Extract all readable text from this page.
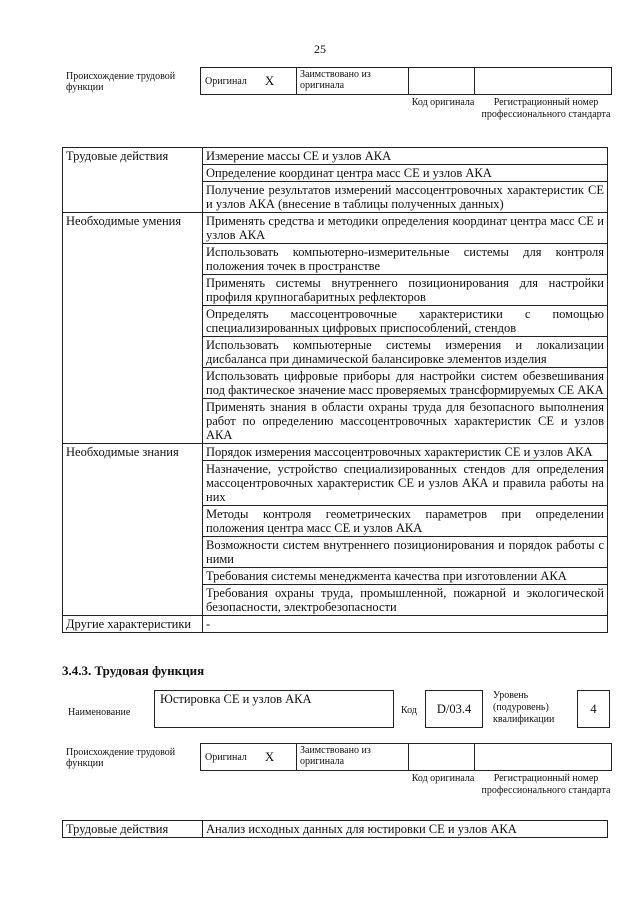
25
Происхождение трудовой функции
Оригинал X	Заимствовано из оригинала
Код оригинала	Регистрационный номер профессионального стандарта
Трудовые действия	Измерение массы СЕ и узлов АКА
	Определение координат центра масс СЕ и узлов АКА
	Получение результатов измерений массоцентровочных характеристик СЕ и узлов АКА (внесение в таблицы полученных данных)
Необходимые умения	Применять средства и методики определения координат центра масс СЕ и узлов АКА
	Использовать компьютерно-измерительные системы для контроля положения точек в пространстве
	Применять системы внутреннего позиционирования для настройки профиля крупногабаритных рефлекторов
	Определять массоцентровочные характеристики с помощью специализированных цифровых приспособлений, стендов
	Использовать компьютерные системы измерения и локализации дисбаланса при динамической балансировке элементов изделия
	Использовать цифровые приборы для настройки систем обезвешивания под фактическое значение масс проверяемых трансформируемых СЕ АКА
	Применять знания в области охраны труда для безопасного выполнения работ по определению массоцентровочных характеристик СЕ и узлов АКА
Необходимые знания	Порядок измерения массоцентровочных характеристик СЕ и узлов АКА
	Назначение, устройство специализированных стендов для определения массоцентровочных характеристик СЕ и узлов АКА и правила работы на них
	Методы контроля геометрических параметров при определении положения центра масс СЕ и узлов АКА
	Возможности систем внутреннего позиционирования и порядок работы с ними
	Требования системы менеджмента качества при изготовлении АКА
	Требования охраны труда, промышленной, пожарной и экологической безопасности, электробезопасности
Другие характеристики	-
3.4.3. Трудовая функция
Наименование
Юстировка СЕ и узлов АКА
Код	D/03.4
Уровень (подуровень) квалификации
4
Происхождение трудовой функции
Оригинал X	Заимствовано из оригинала
Код оригинала	Регистрационный номер профессионального стандарта
Трудовые действия	Анализ исходных данных для юстировки СЕ и узлов АКА
